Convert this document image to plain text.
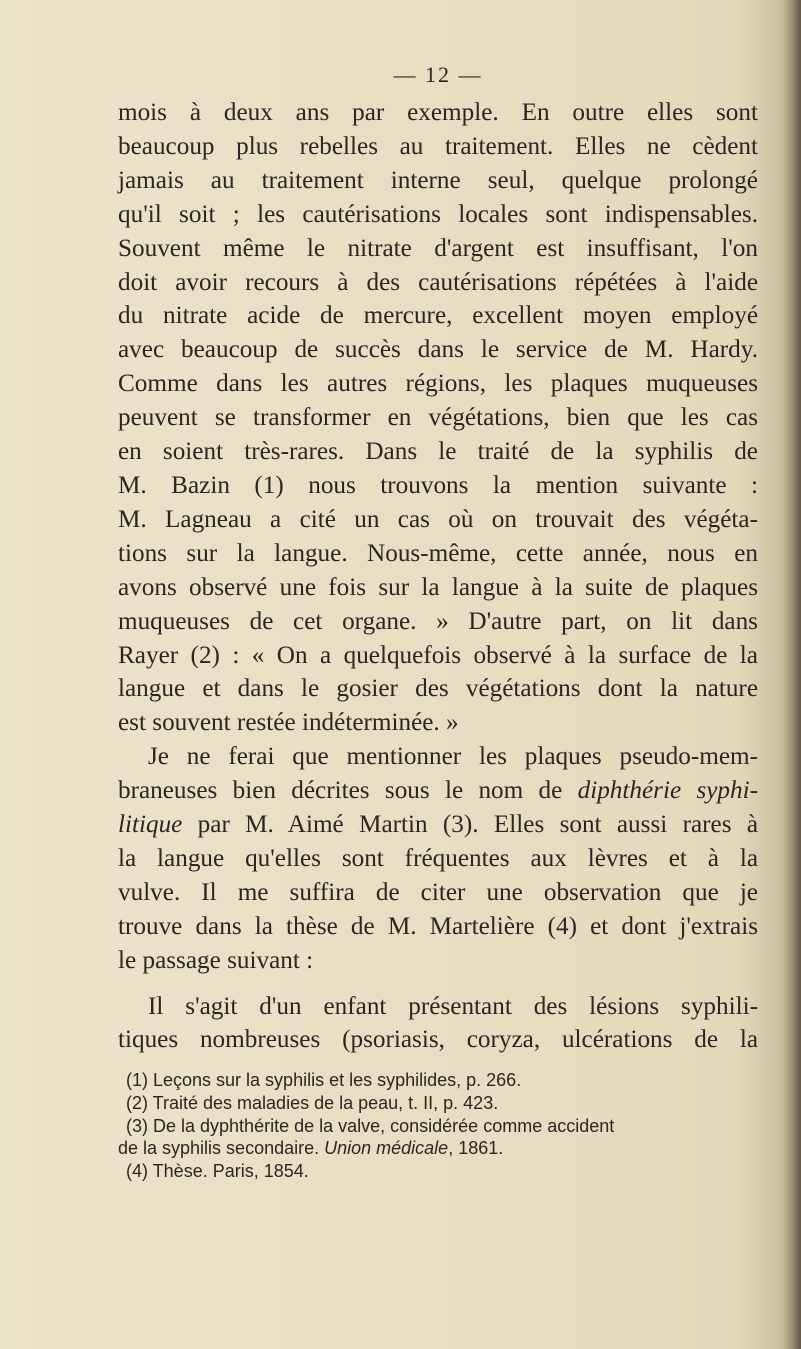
— 12 —

mois à deux ans par exemple. En outre elles sont
beaucoup plus rebelles au traitement. Elles ne cèdent
jamais au traitement interne seul, quelque prolongé
qu'il soit ; les cautérisations locales sont indispensables.
Souvent même le nitrate d'argent est insuffisant, l'on
doit avoir recours à des cautérisations répétées à l'aide
du nitrate acide de mercure, excellent moyen employé
avec beaucoup de succès dans le service de M. Hardy.
Comme dans les autres régions, les plaques muqueuses
peuvent se transformer en végétations, bien que les cas
en soient très-rares. Dans le traité de la syphilis de
M. Bazin (1) nous trouvons la mention suivante :
M. Lagneau a cité un cas où on trouvait des végéta-
tions sur la langue. Nous-même, cette année, nous en
avons observé une fois sur la langue à la suite de plaques
muqueuses de cet organe. » D'autre part, on lit dans
Rayer (2) : « On a quelquefois observé à la surface de la
langue et dans le gosier des végétations dont la nature
est souvent restée indéterminée. »

Je ne ferai que mentionner les plaques pseudo-mem-
braneuses bien décrites sous le nom de diphthérie syphi-
litique par M. Aimé Martin (3). Elles sont aussi rares à
la langue qu'elles sont fréquentes aux lèvres et à la
vulve. Il me suffira de citer une observation que je
trouve dans la thèse de M. Martelière (4) et dont j'extrais
le passage suivant :

Il s'agit d'un enfant présentant des lésions syphili-
tiques nombreuses (psoriasis, coryza, ulcérations de la

(1) Leçons sur la syphilis et les syphilides, p. 266.
(2) Traité des maladies de la peau, t. II, p. 423.
(3) De la dyphthérite de la valve, considérée comme accident
de la syphilis secondaire. Union médicale, 1861.
(4) Thèse. Paris, 1854.
